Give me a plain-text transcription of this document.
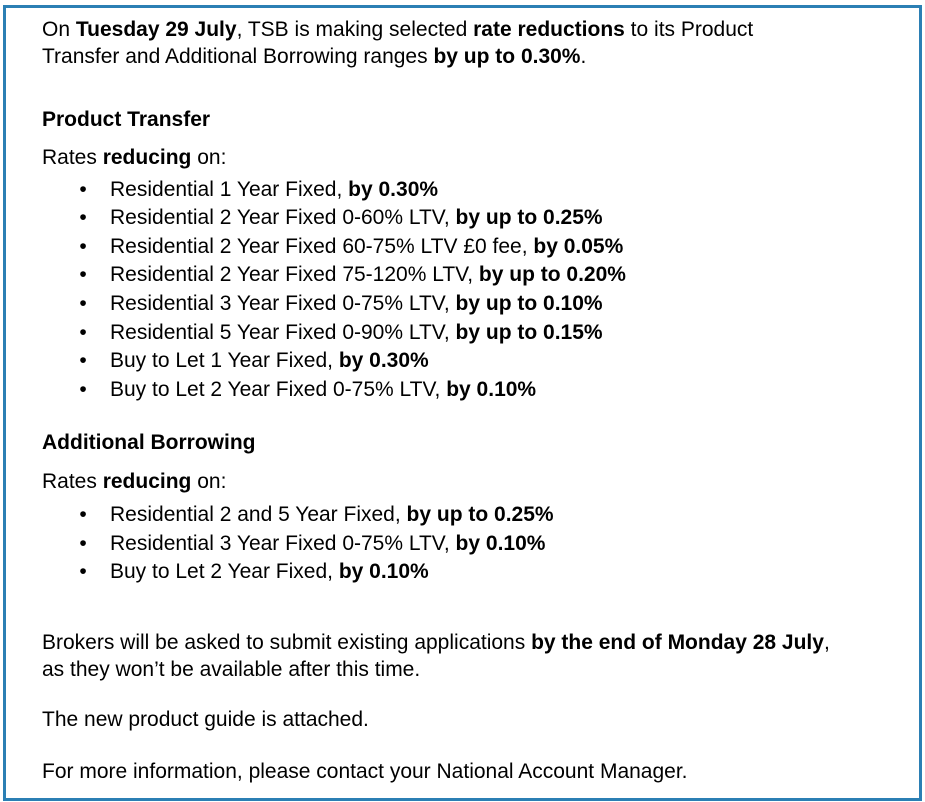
On Tuesday 29 July, TSB is making selected rate reductions to its Product
Transfer and Additional Borrowing ranges by up to 0.30%.
Product Transfer
Rates reducing on:
• Residential 1 Year Fixed, by 0.30%
• Residential 2 Year Fixed 0-60% LTV, by up to 0.25%
• Residential 2 Year Fixed 60-75% LTV £0 fee, by 0.05%
• Residential 2 Year Fixed 75-120% LTV, by up to 0.20%
• Residential 3 Year Fixed 0-75% LTV, by up to 0.10%
• Residential 5 Year Fixed 0-90% LTV, by up to 0.15%
• Buy to Let 1 Year Fixed, by 0.30%
• Buy to Let 2 Year Fixed 0-75% LTV, by 0.10%
Additional Borrowing
Rates reducing on:
• Residential 2 and 5 Year Fixed, by up to 0.25%
• Residential 3 Year Fixed 0-75% LTV, by 0.10%
• Buy to Let 2 Year Fixed, by 0.10%
Brokers will be asked to submit existing applications by the end of Monday 28 July,
as they won’t be available after this time.
The new product guide is attached.
For more information, please contact your National Account Manager.
